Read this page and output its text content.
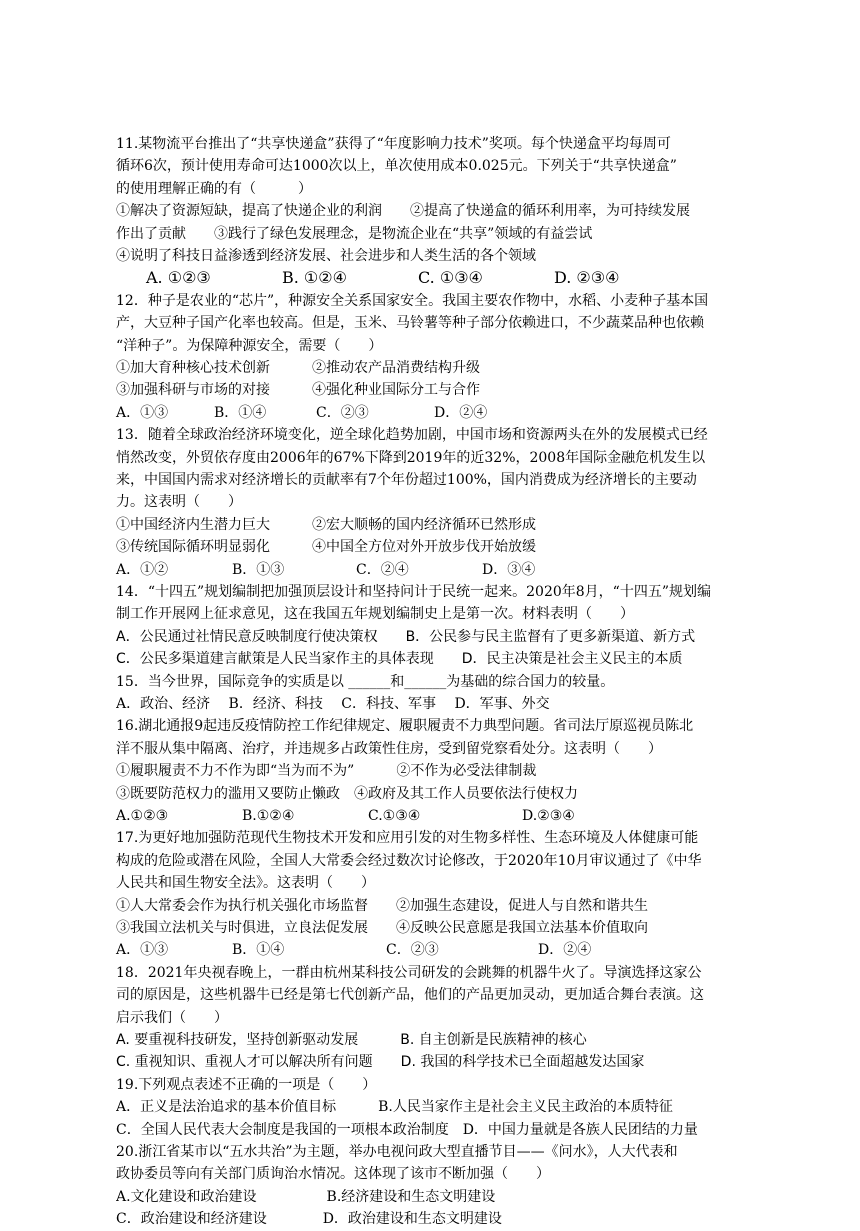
11.某物流平台推出了“共享快递盒”获得了“年度影响力技术”奖项。每个快递盒平均每周可
循环6次，预计使用寿命可达1000次以上，单次使用成本0.025元。下列关于“共享快递盒”
的使用理解正确的有（　　　）
①解决了资源短缺，提高了快递企业的利润　　②提高了快递盒的循环利用率，为可持续发展
作出了贡献　　③践行了绿色发展理念，是物流企业在“共享”领域的有益尝试
④说明了科技日益渗透到经济发展、社会进步和人类生活的各个领域
A. ①②③	B. ①②④	C. ①③④	D. ②③④
12．种子是农业的“芯片”，种源安全关系国家安全。我国主要农作物中，水稻、小麦种子基本国
产，大豆种子国产化率也较高。但是，玉米、马铃薯等种子部分依赖进口，不少蔬菜品种也依赖
“洋种子”。为保障种源安全，需要（　　）
①加大育种核心技术创新　　　②推动农产品消费结构升级
③加强科研与市场的对接　　　④强化种业国际分工与合作
A．①③	B．①④	C．②③	D．②④
13．随着全球政治经济环境变化，逆全球化趋势加剧，中国市场和资源两头在外的发展模式已经
悄然改变，外贸依存度由2006年的67%下降到2019年的近32%，2008年国际金融危机发生以
来，中国国内需求对经济增长的贡献率有7个年份超过100%，国内消费成为经济增长的主要动
力。这表明（　　）
①中国经济内生潜力巨大　　　②宏大顺畅的国内经济循环已然形成
③传统国际循环明显弱化　　　④中国全方位对外开放步伐开始放缓
A．①②	B．①③	C．②④	D．③④
14．“十四五”规划编制把加强顶层设计和坚持问计于民统一起来。2020年8月，“十四五”规划编
制工作开展网上征求意见，这在我国五年规划编制史上是第一次。材料表明（　　）
A．公民通过社情民意反映制度行使决策权　　B．公民参与民主监督有了更多新渠道、新方式
C．公民多渠道建言献策是人民当家作主的具体表现　　D．民主决策是社会主义民主的本质
15．当今世界，国际竞争的实质是以 ______和______为基础的综合国力的较量。
A．政治、经济　 B．经济、科技　 C．科技、军事　 D．军事、外交
16.湖北通报9起违反疫情防控工作纪律规定、履职履责不力典型问题。省司法厅原巡视员陈北
洋不服从集中隔离、治疗，并违规多占政策性住房，受到留党察看处分。这表明（　　）
①履职履责不力不作为即“当为而不为”　　　②不作为必受法律制裁
③既要防范权力的滥用又要防止懒政　④政府及其工作人员要依法行使权力
A.①②③	B.①②④	C.①③④	D.②③④
17.为更好地加强防范现代生物技术开发和应用引发的对生物多样性、生态环境及人体健康可能
构成的危险或潜在风险，全国人大常委会经过数次讨论修改，于2020年10月审议通过了《中华
人民共和国生物安全法》。这表明（　　）
①人大常委会作为执行机关强化市场监督　　②加强生态建设，促进人与自然和谐共生
③我国立法机关与时俱进，立良法促发展　　④反映公民意愿是我国立法基本价值取向
A．①③	B．①④	C．②③	D．②④
18．2021年央视春晚上，一群由杭州某科技公司研发的会跳舞的机器牛火了。导演选择这家公
司的原因是，这些机器牛已经是第七代创新产品，他们的产品更加灵动，更加适合舞台表演。这
启示我们（　　）
A. 要重视科技研发，坚持创新驱动发展　　　B. 自主创新是民族精神的核心
C. 重视知识、重视人才可以解决所有问题　　D. 我国的科学技术已全面超越发达国家
19.下列观点表述不正确的一项是（　　）
A．正义是法治追求的基本价值目标　　　B.人民当家作主是社会主义民主政治的本质特征
C．全国人民代表大会制度是我国的一项根本政治制度　D．中国力量就是各族人民团结的力量
20.浙江省某市以“五水共治”为主题，举办电视问政大型直播节目——《问水》，人大代表和
政协委员等向有关部门质询治水情况。这体现了该市不断加强（　　）
A.文化建设和政治建设　　　　　B.经济建设和生态文明建设
C．政治建设和经济建设　　　　D．政治建设和生态文明建设
